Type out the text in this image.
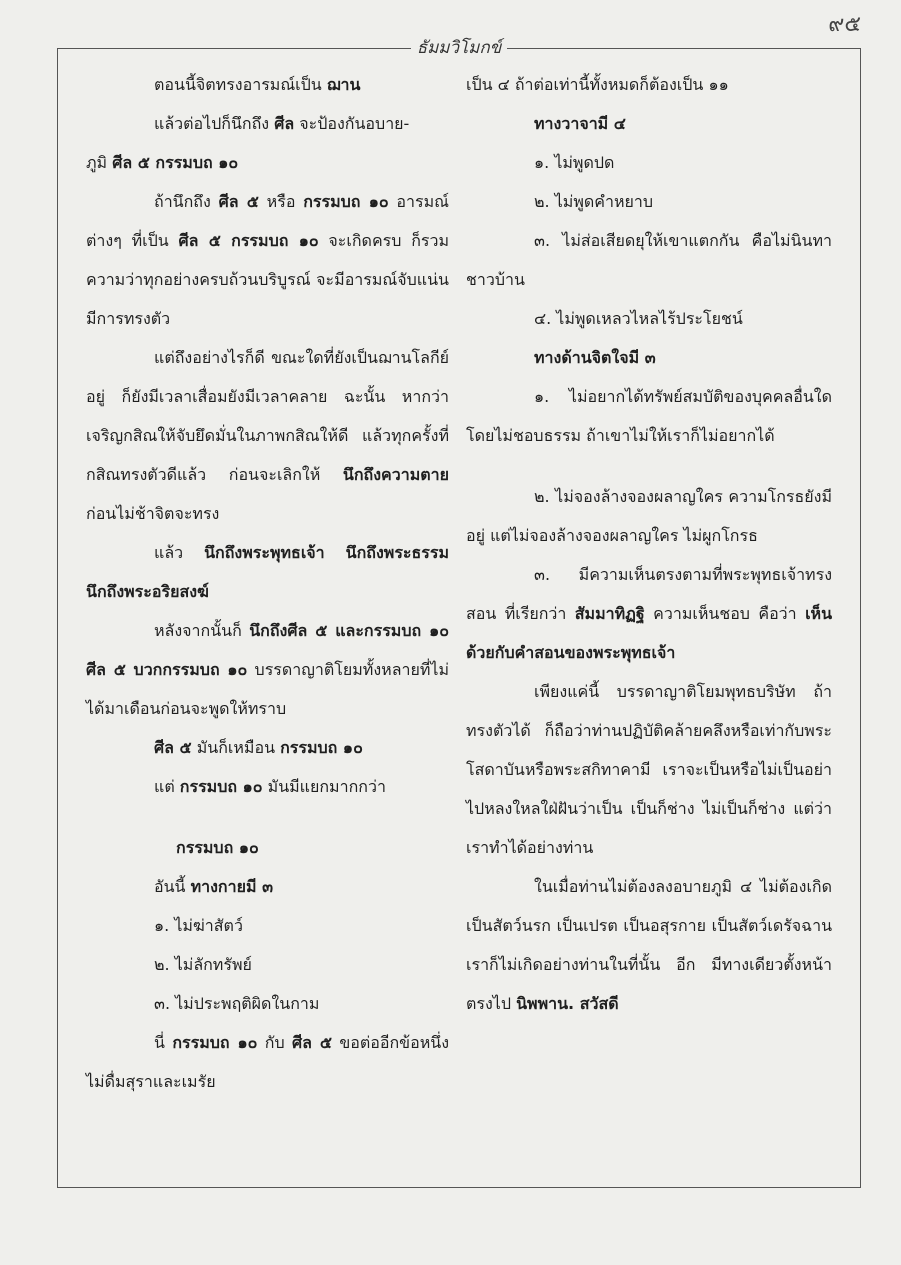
๙๕
ธัมมวิโมกข์
ตอนนี้จิตทรงอารมณ์เป็น ฌาน
แล้วต่อไปก็นึกถึง ศีล จะป้องกันอบาย-
ภูมิ ศีล ๕ กรรมบถ ๑๐
ถ้านึกถึง ศีล ๕ หรือ กรรมบถ ๑๐ อารมณ์ต่างๆ ที่เป็น ศีล ๕ กรรมบถ ๑๐ จะเกิดครบ ก็รวมความว่าทุกอย่างครบถ้วนบริบูรณ์ จะมีอารมณ์จับแน่นมีการทรงตัว
แต่ถึงอย่างไรก็ดี ขณะใดที่ยังเป็นฌานโลกีย์อยู่ ก็ยังมีเวลาเสื่อมยังมีเวลาคลาย ฉะนั้น หากว่าเจริญกสิณให้จับยึดมั่นในภาพกสิณให้ดี แล้วทุกครั้งที่กสิณทรงตัวดีแล้ว ก่อนจะเลิกให้ นึกถึงความตาย ก่อนไม่ช้าจิตจะทรง
แล้ว นึกถึงพระพุทธเจ้า นึกถึงพระธรรม นึกถึงพระอริยสงฆ์
หลังจากนั้นก็ นึกถึงศีล ๕ และกรรมบถ ๑๐ ศีล ๕ บวกกรรมบถ ๑๐ บรรดาญาติโยมทั้งหลายที่ไม่ได้มาเดือนก่อนจะพูดให้ทราบ
ศีล ๕ มันก็เหมือน กรรมบถ ๑๐
แต่ กรรมบถ ๑๐ มันมีแยกมากกว่า
กรรมบถ ๑๐
อันนี้ ทางกายมี ๓
๑. ไม่ฆ่าสัตว์
๒. ไม่ลักทรัพย์
๓. ไม่ประพฤติผิดในกาม
นี่ กรรมบถ ๑๐ กับ ศีล ๕ ขอต่ออีกข้อหนึ่ง ไม่ดื่มสุราและเมรัย
เป็น ๔ ถ้าต่อเท่านี้ทั้งหมดก็ต้องเป็น ๑๑
ทางวาจามี ๔
๑. ไม่พูดปด
๒. ไม่พูดคำหยาบ
๓. ไม่ส่อเสียดยุให้เขาแตกกัน คือไม่นินทาชาวบ้าน
๔. ไม่พูดเหลวไหลไร้ประโยชน์
ทางด้านจิตใจมี ๓
๑. ไม่อยากได้ทรัพย์สมบัติของบุคคลอื่นใดโดยไม่ชอบธรรม ถ้าเขาไม่ให้เราก็ไม่อยากได้
๒. ไม่จองล้างจองผลาญใคร ความโกรธยังมีอยู่ แต่ไม่จองล้างจองผลาญใคร ไม่ผูกโกรธ
๓. มีความเห็นตรงตามที่พระพุทธเจ้าทรงสอน ที่เรียกว่า สัมมาทิฏฐิ ความเห็นชอบ คือว่า เห็นด้วยกับคำสอนของพระพุทธเจ้า
เพียงแค่นี้ บรรดาญาติโยมพุทธบริษัท ถ้าทรงตัวได้ ก็ถือว่าท่านปฏิบัติคล้ายคลึงหรือเท่ากับพระโสดาบันหรือพระสกิทาคามี เราจะเป็นหรือไม่เป็นอย่าไปหลงใหลใฝ่ฝันว่าเป็น เป็นก็ช่าง ไม่เป็นก็ช่าง แต่ว่าเราทำได้อย่างท่าน
ในเมื่อท่านไม่ต้องลงอบายภูมิ ๔ ไม่ต้องเกิดเป็นสัตว์นรก เป็นเปรต เป็นอสุรกาย เป็นสัตว์เดรัจฉาน เราก็ไม่เกิดอย่างท่านในที่นั้น อีก มีทางเดียวตั้งหน้าตรงไป นิพพาน. สวัสดี
